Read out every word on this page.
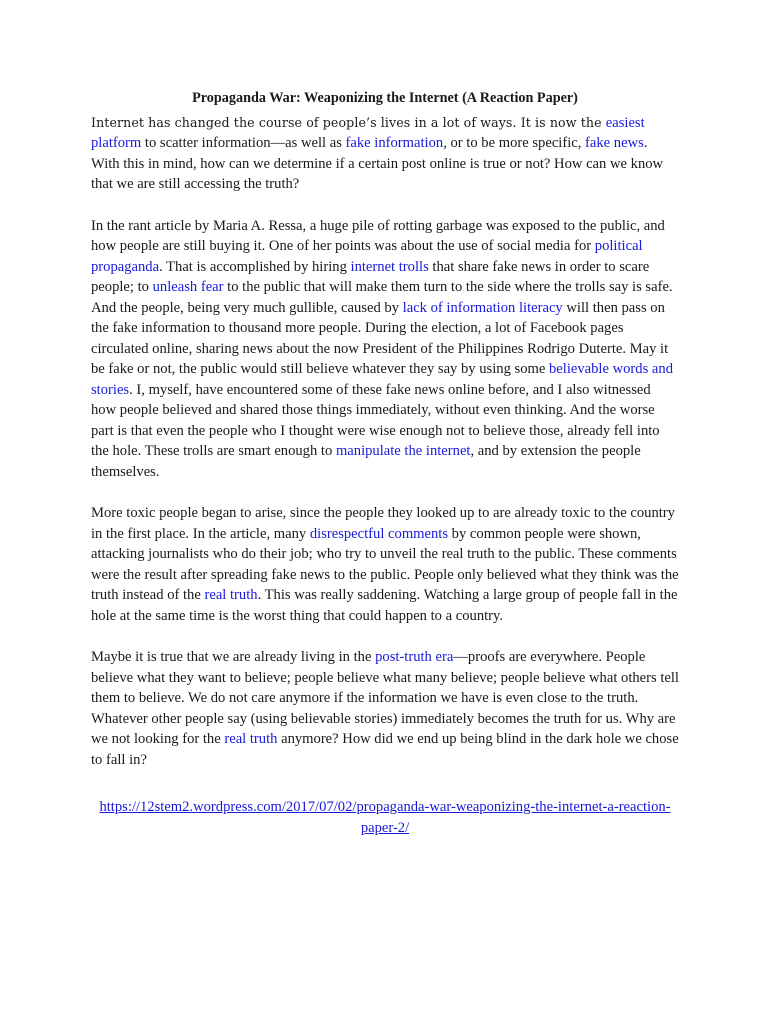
Propaganda War: Weaponizing the Internet (A Reaction Paper)

Internet has changed the course of people’s lives in a lot of ways. It is now the easiest platform to scatter information—as well as fake information, or to be more specific, fake news. With this in mind, how can we determine if a certain post online is true or not? How can we know that we are still accessing the truth?

In the rant article by Maria A. Ressa, a huge pile of rotting garbage was exposed to the public, and how people are still buying it. One of her points was about the use of social media for political propaganda. That is accomplished by hiring internet trolls that share fake news in order to scare people; to unleash fear to the public that will make them turn to the side where the trolls say is safe. And the people, being very much gullible, caused by lack of information literacy will then pass on the fake information to thousand more people. During the election, a lot of Facebook pages circulated online, sharing news about the now President of the Philippines Rodrigo Duterte. May it be fake or not, the public would still believe whatever they say by using some believable words and stories. I, myself, have encountered some of these fake news online before, and I also witnessed how people believed and shared those things immediately, without even thinking. And the worse part is that even the people who I thought were wise enough not to believe those, already fell into the hole. These trolls are smart enough to manipulate the internet, and by extension the people themselves.

More toxic people began to arise, since the people they looked up to are already toxic to the country in the first place. In the article, many disrespectful comments by common people were shown, attacking journalists who do their job; who try to unveil the real truth to the public. These comments were the result after spreading fake news to the public. People only believed what they think was the truth instead of the real truth. This was really saddening. Watching a large group of people fall in the hole at the same time is the worst thing that could happen to a country.

Maybe it is true that we are already living in the post-truth era—proofs are everywhere. People believe what they want to believe; people believe what many believe; people believe what others tell them to believe. We do not care anymore if the information we have is even close to the truth. Whatever other people say (using believable stories) immediately becomes the truth for us. Why are we not looking for the real truth anymore? How did we end up being blind in the dark hole we chose to fall in?

https://12stem2.wordpress.com/2017/07/02/propaganda-war-weaponizing-the-internet-a-reaction-paper-2/
